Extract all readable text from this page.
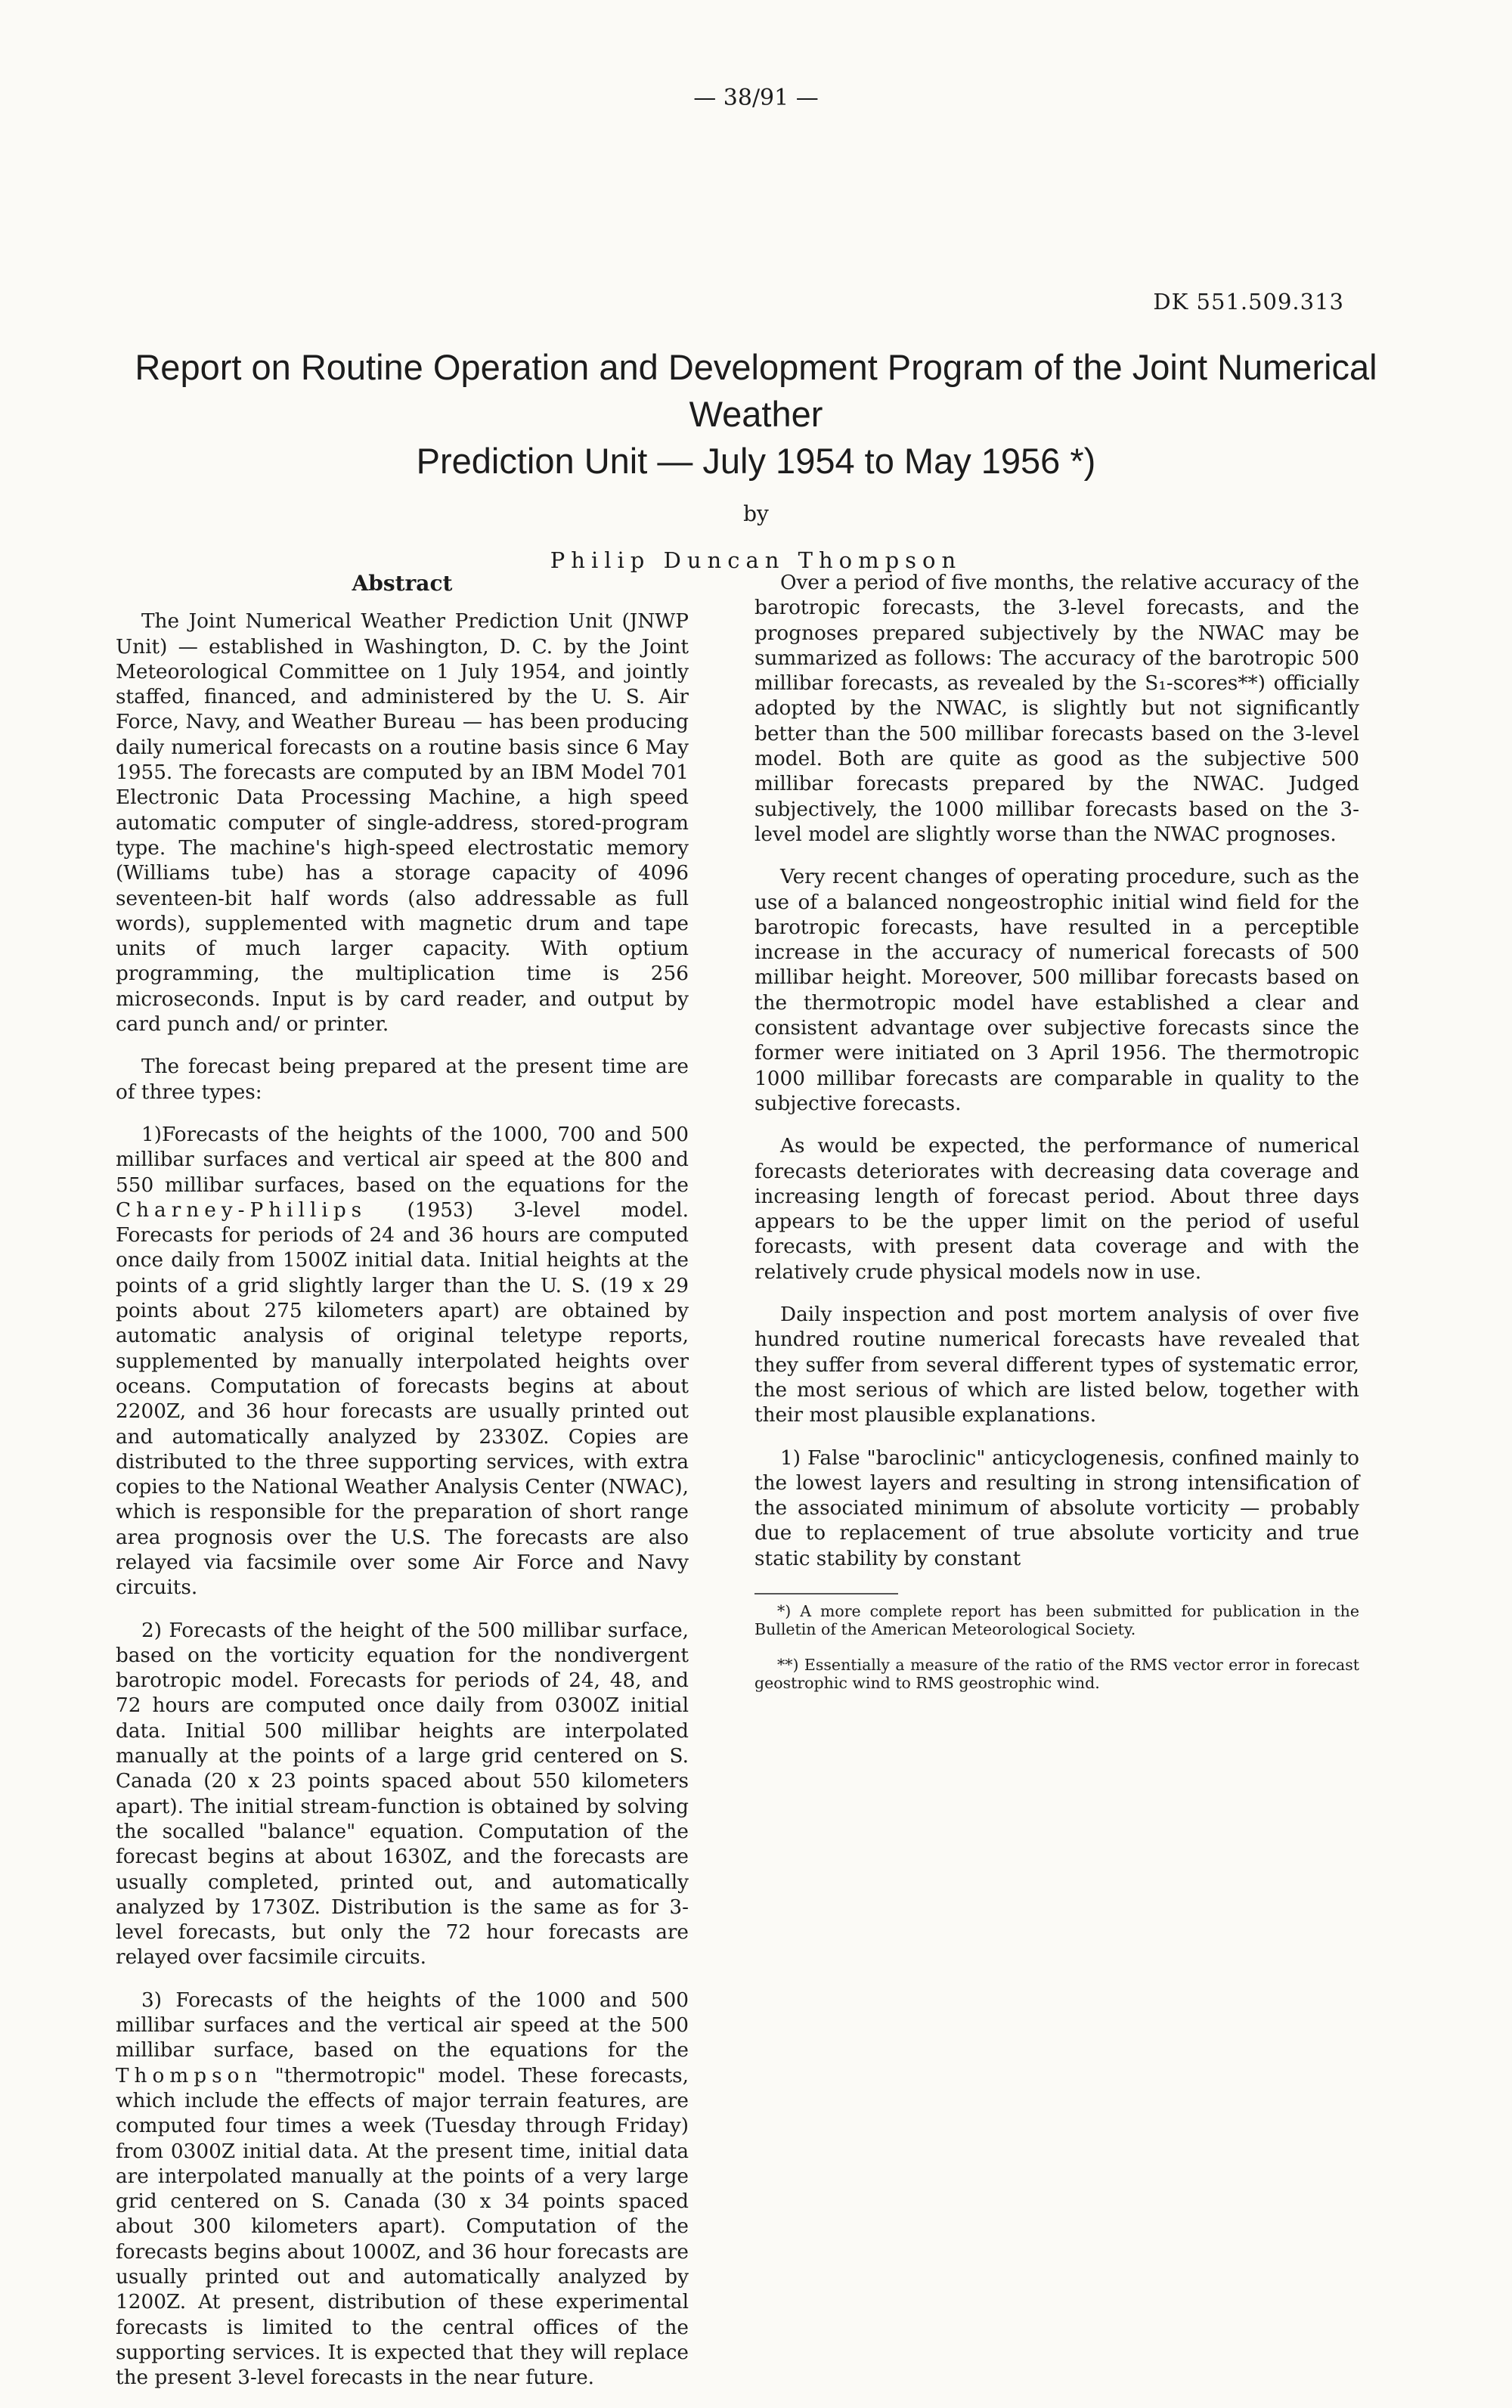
— 38/91 —
DK 551.509.313
Report on Routine Operation and Development Program of the Joint Numerical Weather
Prediction Unit — July 1954 to May 1956 *)
by
Philip Duncan Thompson
Abstract

The Joint Numerical Weather Prediction Unit (JNWP Unit) — established in Washington, D. C. by the Joint Meteorological Committee on 1 July 1954, and jointly staffed, financed, and administered by the U. S. Air Force, Navy, and Weather Bureau — has been producing daily numerical forecasts on a routine basis since 6 May 1955. The forecasts are computed by an IBM Model 701 Electronic Data Processing Machine, a high speed automatic computer of single-address, stored-program type. The machine's high-speed electrostatic memory (Williams tube) has a storage capacity of 4096 seventeen-bit half words (also addressable as full words), supplemented with magnetic drum and tape units of much larger capacity. With optium programming, the multiplication time is 256 microseconds. Input is by card reader, and output by card punch and/ or printer.

The forecast being prepared at the present time are of three types:

1)Forecasts of the heights of the 1000, 700 and 500 millibar surfaces and vertical air speed at the 800 and 550 millibar surfaces, based on the equations for the Charney-Phillips (1953) 3-level model. Forecasts for periods of 24 and 36 hours are computed once daily from 1500Z initial data. Initial heights at the points of a grid slightly larger than the U. S. (19 x 29 points about 275 kilometers apart) are obtained by automatic analysis of original teletype reports, supplemented by manually interpolated heights over oceans. Computation of forecasts begins at about 2200Z, and 36 hour forecasts are usually printed out and automatically analyzed by 2330Z. Copies are distributed to the three supporting services, with extra copies to the National Weather Analysis Center (NWAC), which is responsible for the preparation of short range area prognosis over the U.S. The forecasts are also relayed via facsimile over some Air Force and Navy circuits.

2) Forecasts of the height of the 500 millibar surface, based on the vorticity equation for the nondivergent barotropic model. Forecasts for periods of 24, 48, and 72 hours are computed once daily from 0300Z initial data. Initial 500 millibar heights are interpolated manually at the points of a large grid centered on S. Canada (20 x 23 points spaced about 550 kilometers apart). The initial stream-function is obtained by solving the socalled "balance" equation. Computation of the forecast begins at about 1630Z, and the forecasts are usually completed, printed out, and automatically analyzed by 1730Z. Distribution is the same as for 3-level forecasts, but only the 72 hour forecasts are relayed over facsimile circuits.

3) Forecasts of the heights of the 1000 and 500 millibar surfaces and the vertical air speed at the 500 millibar surface, based on the equations for the Thompson "thermotropic" model. These forecasts, which include the effects of major terrain features, are computed four times a week (Tuesday through Friday) from 0300Z initial data. At the present time, initial data are interpolated manually at the points of a very large grid centered on S. Canada (30 x 34 points spaced about 300 kilometers apart). Computation of the forecasts begins about 1000Z, and 36 hour forecasts are usually printed out and automatically analyzed by 1200Z. At present, distribution of these experimental forecasts is limited to the central offices of the supporting services. It is expected that they will replace the present 3-level forecasts in the near future.

Over a period of five months, the relative accuracy of the barotropic forecasts, the 3-level forecasts, and the prognoses prepared subjectively by the NWAC may be summarized as follows: The accuracy of the barotropic 500 millibar forecasts, as revealed by the S₁-scores**) officially adopted by the NWAC, is slightly but not significantly better than the 500 millibar forecasts based on the 3-level model. Both are quite as good as the subjective 500 millibar forecasts prepared by the NWAC. Judged subjectively, the 1000 millibar forecasts based on the 3-level model are slightly worse than the NWAC prognoses.

Very recent changes of operating procedure, such as the use of a balanced nongeostrophic initial wind field for the barotropic forecasts, have resulted in a perceptible increase in the accuracy of numerical forecasts of 500 millibar height. Moreover, 500 millibar forecasts based on the thermotropic model have established a clear and consistent advantage over subjective forecasts since the former were initiated on 3 April 1956. The thermotropic 1000 millibar forecasts are comparable in quality to the subjective forecasts.

As would be expected, the performance of numerical forecasts deteriorates with decreasing data coverage and increasing length of forecast period. About three days appears to be the upper limit on the period of useful forecasts, with present data coverage and with the relatively crude physical models now in use.

Daily inspection and post mortem analysis of over five hundred routine numerical forecasts have revealed that they suffer from several different types of systematic error, the most serious of which are listed below, together with their most plausible explanations.

1) False "baroclinic" anticyclogenesis, confined mainly to the lowest layers and resulting in strong intensification of the associated minimum of absolute vorticity — probably due to replacement of true absolute vorticity and true static stability by constant

*) A more complete report has been submitted for publication in the Bulletin of the American Meteorological Society.

**) Essentially a measure of the ratio of the RMS vector error in forecast geostrophic wind to RMS geostrophic wind.
